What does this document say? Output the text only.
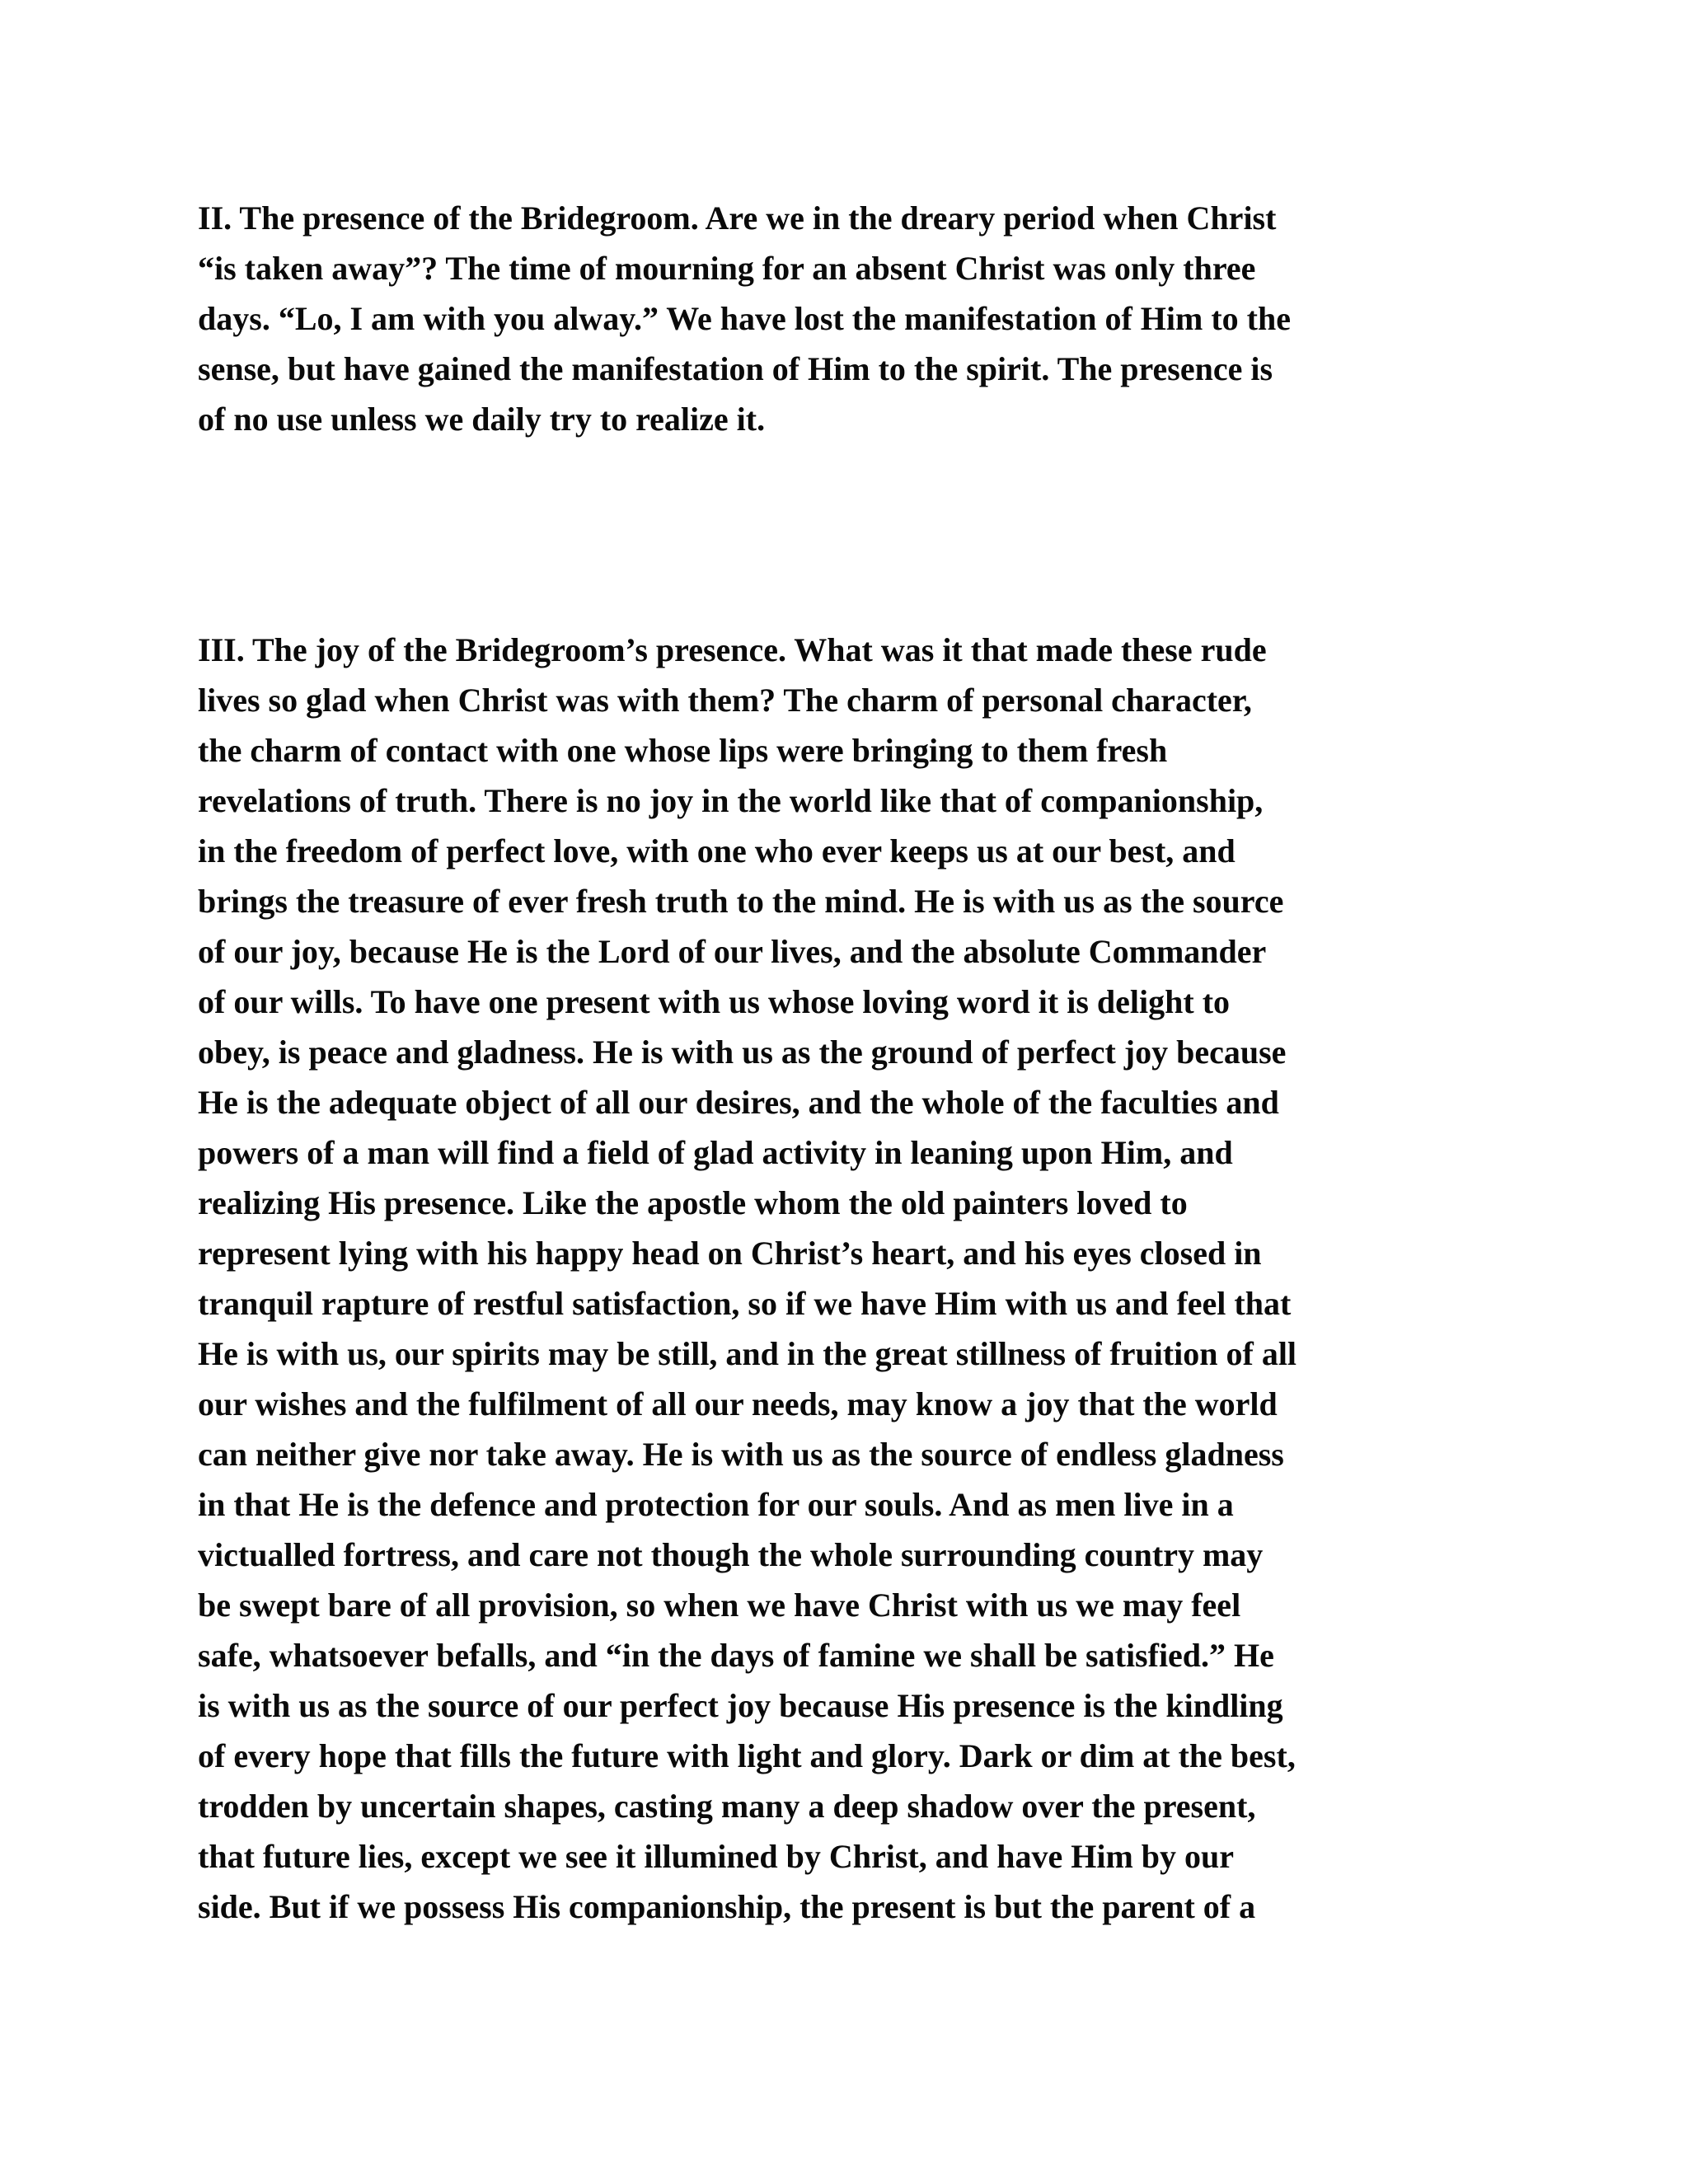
II. The presence of the Bridegroom. Are we in the dreary period when Christ
“is taken away”? The time of mourning for an absent Christ was only three
days. “Lo, I am with you alway.” We have lost the manifestation of Him to the
sense, but have gained the manifestation of Him to the spirit. The presence is
of no use unless we daily try to realize it.
III. The joy of the Bridegroom’s presence. What was it that made these rude
lives so glad when Christ was with them? The charm of personal character,
the charm of contact with one whose lips were bringing to them fresh
revelations of truth. There is no joy in the world like that of companionship,
in the freedom of perfect love, with one who ever keeps us at our best, and
brings the treasure of ever fresh truth to the mind. He is with us as the source
of our joy, because He is the Lord of our lives, and the absolute Commander
of our wills. To have one present with us whose loving word it is delight to
obey, is peace and gladness. He is with us as the ground of perfect joy because
He is the adequate object of all our desires, and the whole of the faculties and
powers of a man will find a field of glad activity in leaning upon Him, and
realizing His presence. Like the apostle whom the old painters loved to
represent lying with his happy head on Christ’s heart, and his eyes closed in
tranquil rapture of restful satisfaction, so if we have Him with us and feel that
He is with us, our spirits may be still, and in the great stillness of fruition of all
our wishes and the fulfilment of all our needs, may know a joy that the world
can neither give nor take away. He is with us as the source of endless gladness
in that He is the defence and protection for our souls. And as men live in a
victualled fortress, and care not though the whole surrounding country may
be swept bare of all provision, so when we have Christ with us we may feel
safe, whatsoever befalls, and “in the days of famine we shall be satisfied.” He
is with us as the source of our perfect joy because His presence is the kindling
of every hope that fills the future with light and glory. Dark or dim at the best,
trodden by uncertain shapes, casting many a deep shadow over the present,
that future lies, except we see it illumined by Christ, and have Him by our
side. But if we possess His companionship, the present is but the parent of a
